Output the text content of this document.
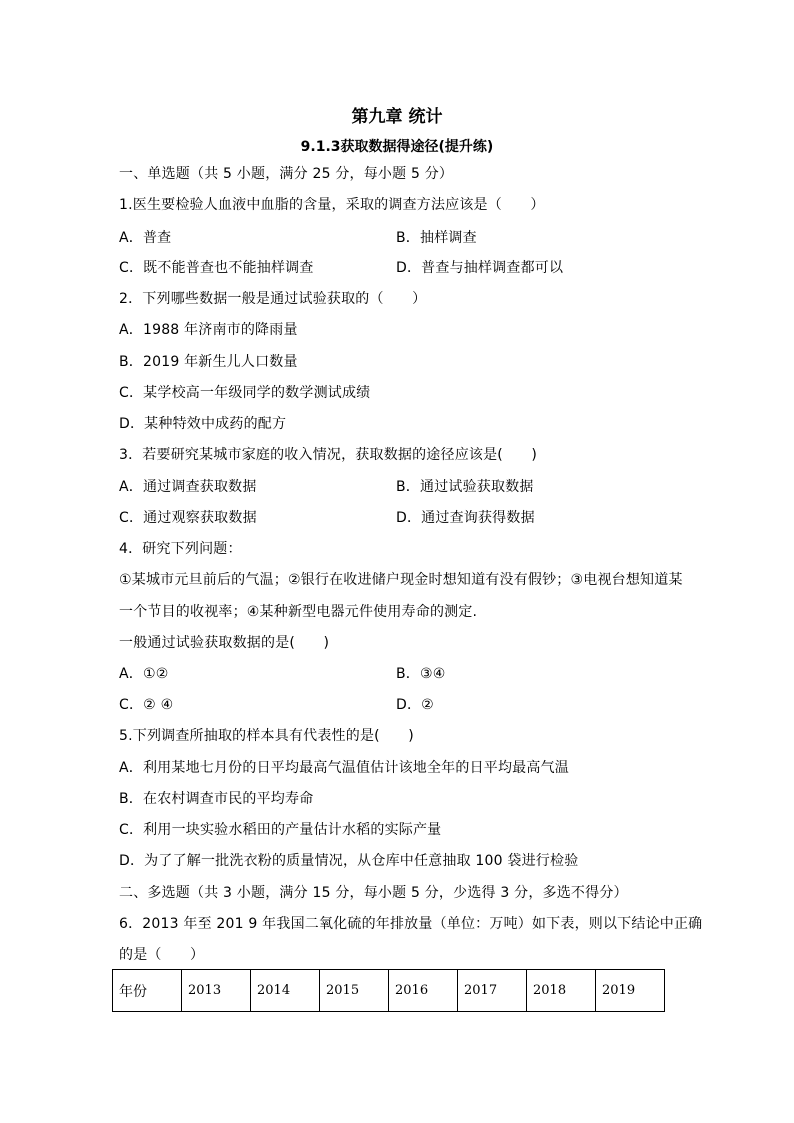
第九章 统计
9.1.3获取数据得途径(提升练)
一、单选题（共 5 小题，满分 25 分，每小题 5 分）
1.医生要检验人血液中血脂的含量，采取的调查方法应该是（　　）
A．普查	B．抽样调查
C．既不能普查也不能抽样调查	D．普查与抽样调查都可以
2．下列哪些数据一般是通过试验获取的（　　）
A．1988 年济南市的降雨量
B．2019 年新生儿人口数量
C．某学校高一年级同学的数学测试成绩
D．某种特效中成药的配方
3．若要研究某城市家庭的收入情况，获取数据的途径应该是(　　)
A．通过调查获取数据	B．通过试验获取数据
C．通过观察获取数据	D．通过查询获得数据
4．研究下列问题：
①某城市元旦前后的气温；②银行在收进储户现金时想知道有没有假钞；③电视台想知道某
一个节目的收视率；④某种新型电器元件使用寿命的测定.
一般通过试验获取数据的是(　　)
A．①②	B．③④
C．② ④	D．②
5.下列调查所抽取的样本具有代表性的是(　　)
A．利用某地七月份的日平均最高气温值估计该地全年的日平均最高气温
B．在农村调查市民的平均寿命
C．利用一块实验水稻田的产量估计水稻的实际产量
D．为了了解一批洗衣粉的质量情况，从仓库中任意抽取 100 袋进行检验
二、多选题（共 3 小题，满分 15 分，每小题 5 分，少选得 3 分，多选不得分）
6．2013 年至 201 9 年我国二氧化硫的年排放量（单位：万吨）如下表，则以下结论中正确
的是（　　）
年份	2013	2014	2015	2016	2017	2018	2019
